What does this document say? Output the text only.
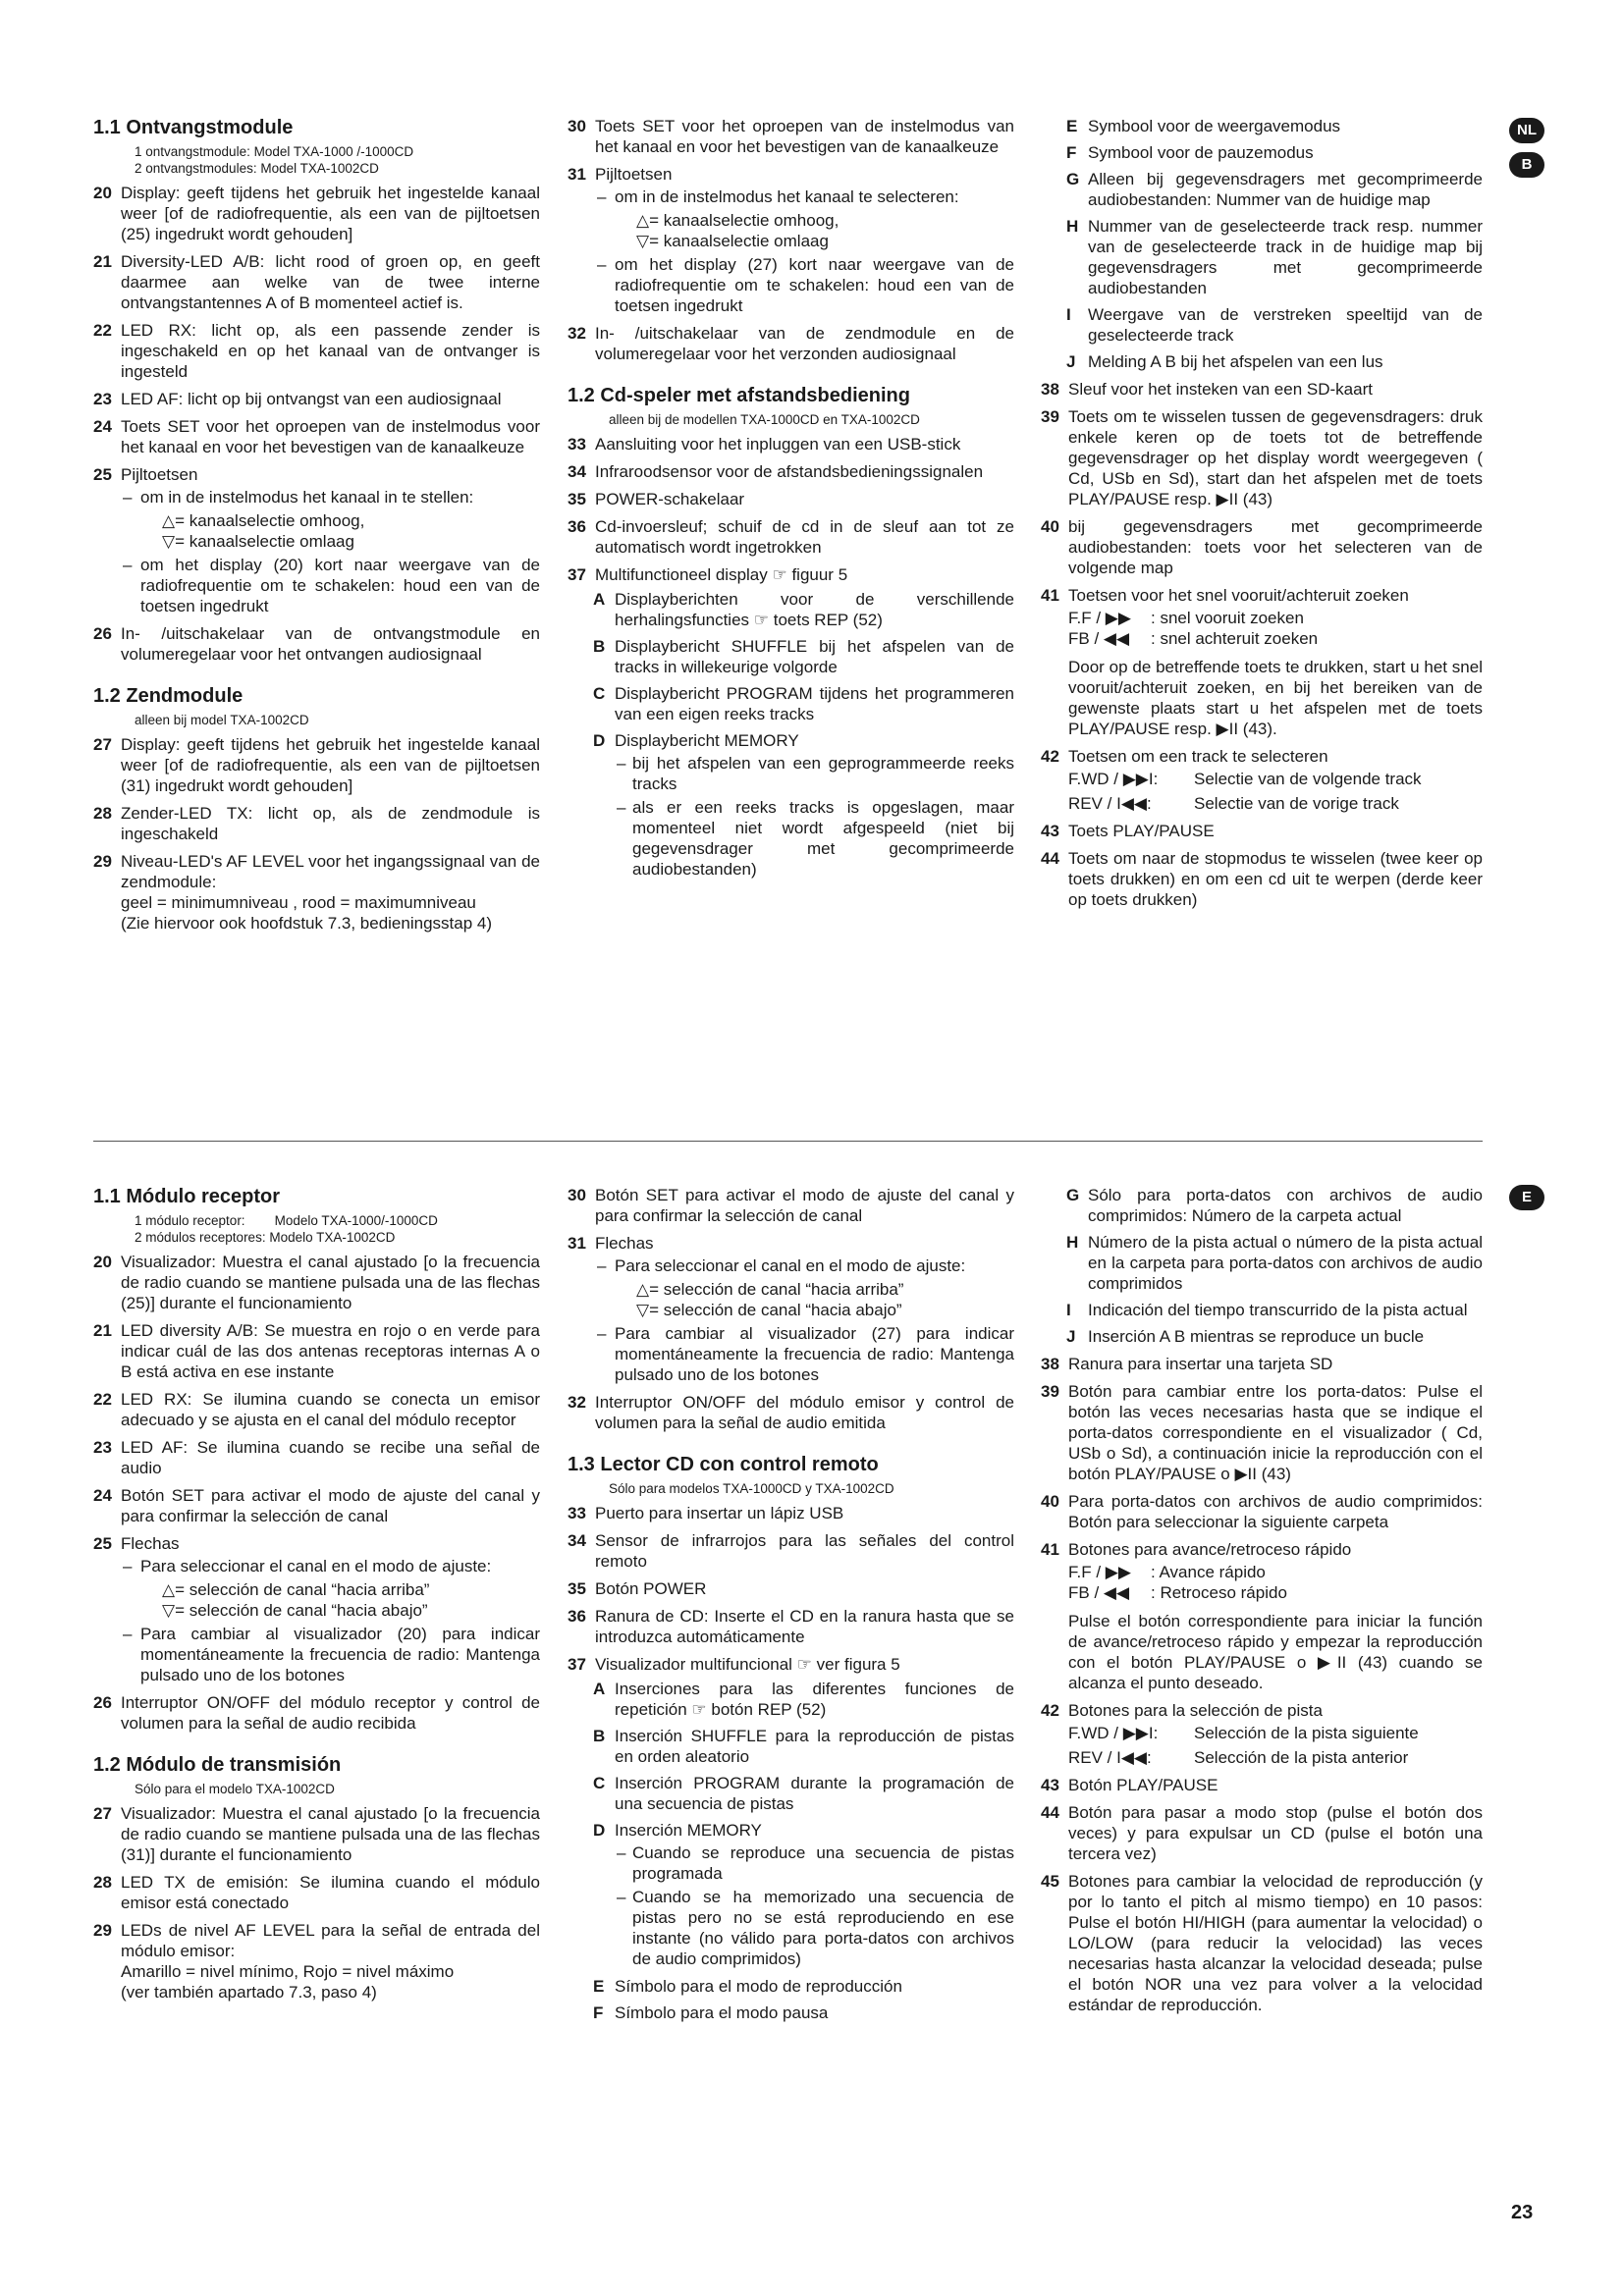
1.1 Ontvangstmodule
1 ontvangstmodule: Model TXA-1000 /-1000CD
2 ontvangstmodules: Model TXA-1002CD
20 Display: geeft tijdens het gebruik het ingestelde kanaal weer [of de radiofrequentie, als een van de pijltoetsen (25) ingedrukt wordt gehouden]
21 Diversity-LED A/B: licht rood of groen op, en geeft daarmee aan welke van de twee interne ontvangstantennes A of B momenteel actief is.
22 LED RX: licht op, als een passende zender is ingeschakeld en op het kanaal van de ontvanger is ingesteld
23 LED AF: licht op bij ontvangst van een audiosignaal
24 Toets SET voor het oproepen van de instelmodus voor het kanaal en voor het bevestigen van de kanaalkeuze
25 Pijltoetsen
– om in de instelmodus het kanaal in te stellen:
△= kanaalselectie omhoog,
▽= kanaalselectie omlaag
– om het display (20) kort naar weergave van de radiofrequentie om te schakelen: houd een van de toetsen ingedrukt
26 In- /uitschakelaar van de ontvangstmodule en volumeregelaar voor het ontvangen audiosignaal
1.2 Zendmodule
alleen bij model TXA-1002CD
27 Display: geeft tijdens het gebruik het ingestelde kanaal weer [of de radiofrequentie, als een van de pijltoetsen (31) ingedrukt wordt gehouden]
28 Zender-LED TX: licht op, als de zendmodule is ingeschakeld
29 Niveau-LED's AF LEVEL voor het ingangssignaal van de zendmodule:
geel = minimumniveau , rood = maximumniveau
(Zie hiervoor ook hoofdstuk 7.3, bedieningsstap 4)
30 Toets SET voor het oproepen van de instelmodus van het kanaal en voor het bevestigen van de kanaalkeuze
31 Pijltoetsen
– om in de instelmodus het kanaal te selecteren:
△= kanaalselectie omhoog,
▽= kanaalselectie omlaag
– om het display (27) kort naar weergave van de radiofrequentie om te schakelen: houd een van de toetsen ingedrukt
32 In- /uitschakelaar van de zendmodule en de volumeregelaar voor het verzonden audiosignaal
1.2 Cd-speler met afstandsbediening
alleen bij de modellen TXA-1000CD en TXA-1002CD
33 Aansluiting voor het inpluggen van een USB-stick
34 Infraroodsensor voor de afstandsbedieningssignalen
35 POWER-schakelaar
36 Cd-invoersleuf; schuif de cd in de sleuf aan tot ze automatisch wordt ingetrokken
37 Multifunctioneel display ☞ figuur 5
A Displayberichten voor de verschillende herhalingsfuncties ☞ toets REP (52)
B Displaybericht SHUFFLE bij het afspelen van de tracks in willekeurige volgorde
C Displaybericht PROGRAM tijdens het programmeren van een eigen reeks tracks
D Displaybericht MEMORY
– bij het afspelen van een geprogrammeerde reeks tracks
– als er een reeks tracks is opgeslagen, maar momenteel niet wordt afgespeeld (niet bij gegevensdrager met gecomprimeerde audiobestanden)
E Symbool voor de weergavemodus
F Symbool voor de pauzemodus
G Alleen bij gegevensdragers met gecomprimeerde audiobestanden: Nummer van de huidige map
H Nummer van de geselecteerde track resp. nummer van de geselecteerde track in de huidige map bij gegevensdragers met gecomprimeerde audiobestanden
I Weergave van de verstreken speeltijd van de geselecteerde track
J Melding A B bij het afspelen van een lus
38 Sleuf voor het insteken van een SD-kaart
39 Toets om te wisselen tussen de gegevensdragers: druk enkele keren op de toets tot de betreffende gegevensdrager op het display wordt weergegeven ( Cd, USb en Sd), start dan het afspelen met de toets PLAY/PAUSE resp. ▶II (43)
40 bij gegevensdragers met gecomprimeerde audiobestanden: toets voor het selecteren van de volgende map
41 Toetsen voor het snel vooruit/achteruit zoeken
F.F / ▶▶	: snel vooruit zoeken
FB / ◀◀	: snel achteruit zoeken
Door op de betreffende toets te drukken, start u het snel vooruit/achteruit zoeken, en bij het bereiken van de gewenste plaats start u het afspelen met de toets PLAY/PAUSE resp. ▶II (43).
42 Toetsen om een track te selecteren
F.WD / ▶▶I:	Selectie van de volgende track
REV / I◀◀:	Selectie van de vorige track
43 Toets PLAY/PAUSE
44 Toets om naar de stopmodus te wisselen (twee keer op toets drukken) en om een cd uit te werpen (derde keer op toets drukken)
NL
B
1.1 Módulo receptor
1 módulo receptor:        Modelo TXA-1000/-1000CD
2 módulos receptores: Modelo TXA-1002CD
20 Visualizador: Muestra el canal ajustado [o la frecuencia de radio cuando se mantiene pulsada una de las flechas (25)] durante el funcionamiento
21 LED diversity A/B: Se muestra en rojo o en verde para indicar cuál de las dos antenas receptoras internas A o B está activa en ese instante
22 LED RX: Se ilumina cuando se conecta un emisor adecuado y se ajusta en el canal del módulo receptor
23 LED AF: Se ilumina cuando se recibe una señal de audio
24 Botón SET para activar el modo de ajuste del canal y para confirmar la selección de canal
25 Flechas
– Para seleccionar el canal en el modo de ajuste:
△= selección de canal “hacia arriba”
▽= selección de canal “hacia abajo”
– Para cambiar al visualizador (20) para indicar momentáneamente la frecuencia de radio: Mantenga pulsado uno de los botones
26 Interruptor ON/OFF del módulo receptor y control de volumen para la señal de audio recibida
1.2 Módulo de transmisión
Sólo para el modelo TXA-1002CD
27 Visualizador: Muestra el canal ajustado [o la frecuencia de radio cuando se mantiene pulsada una de las flechas (31)] durante el funcionamiento
28 LED TX de emisión: Se ilumina cuando el módulo emisor está conectado
29 LEDs de nivel AF LEVEL para la señal de entrada del módulo emisor:
Amarillo = nivel mínimo, Rojo = nivel máximo
(ver también apartado 7.3, paso 4)
30 Botón SET para activar el modo de ajuste del canal y para confirmar la selección de canal
31 Flechas
– Para seleccionar el canal en el modo de ajuste:
△= selección de canal “hacia arriba”
▽= selección de canal “hacia abajo”
– Para cambiar al visualizador (27) para indicar momentáneamente la frecuencia de radio: Mantenga pulsado uno de los botones
32 Interruptor ON/OFF del módulo emisor y control de volumen para la señal de audio emitida
1.3 Lector CD con control remoto
Sólo para modelos TXA-1000CD y TXA-1002CD
33 Puerto para insertar un lápiz USB
34 Sensor de infrarrojos para las señales del control remoto
35 Botón POWER
36 Ranura de CD: Inserte el CD en la ranura hasta que se introduzca automáticamente
37 Visualizador multifuncional ☞ ver figura 5
A Inserciones para las diferentes funciones de repetición ☞ botón REP (52)
B Inserción SHUFFLE para la reproducción de pistas en orden aleatorio
C Inserción PROGRAM durante la programación de una secuencia de pistas
D Inserción MEMORY
– Cuando se reproduce una secuencia de pistas programada
– Cuando se ha memorizado una secuencia de pistas pero no se está reproduciendo en ese instante (no válido para porta-datos con archivos de audio comprimidos)
E Símbolo para el modo de reproducción
F Símbolo para el modo pausa
G Sólo para porta-datos con archivos de audio comprimidos: Número de la carpeta actual
H Número de la pista actual o número de la pista actual en la carpeta para porta-datos con archivos de audio comprimidos
I Indicación del tiempo transcurrido de la pista actual
J Inserción A B mientras se reproduce un bucle
38 Ranura para insertar una tarjeta SD
39 Botón para cambiar entre los porta-datos: Pulse el botón las veces necesarias hasta que se indique el porta-datos correspondiente en el visualizador ( Cd, USb o Sd), a continuación inicie la reproducción con el botón PLAY/PAUSE o ▶II (43)
40 Para porta-datos con archivos de audio comprimidos: Botón para seleccionar la siguiente carpeta
41 Botones para avance/retroceso rápido
F.F / ▶▶	: Avance rápido
FB / ◀◀	: Retroceso rápido
Pulse el botón correspondiente para iniciar la función de avance/retroceso rápido y empezar la reproducción con el botón PLAY/PAUSE o ▶II (43) cuando se alcanza el punto deseado.
42 Botones para la selección de pista
F.WD / ▶▶I:	Selección de la pista siguiente
REV / I◀◀:	Selección de la pista anterior
43 Botón PLAY/PAUSE
44 Botón para pasar a modo stop (pulse el botón dos veces) y para expulsar un CD (pulse el botón una tercera vez)
45 Botones para cambiar la velocidad de reproducción (y por lo tanto el pitch al mismo tiempo) en 10 pasos: Pulse el botón HI/HIGH (para aumentar la velocidad) o LO/LOW (para reducir la velocidad) las veces necesarias hasta alcanzar la velocidad deseada; pulse el botón NOR una vez para volver a la velocidad estándar de reproducción.
E
23
